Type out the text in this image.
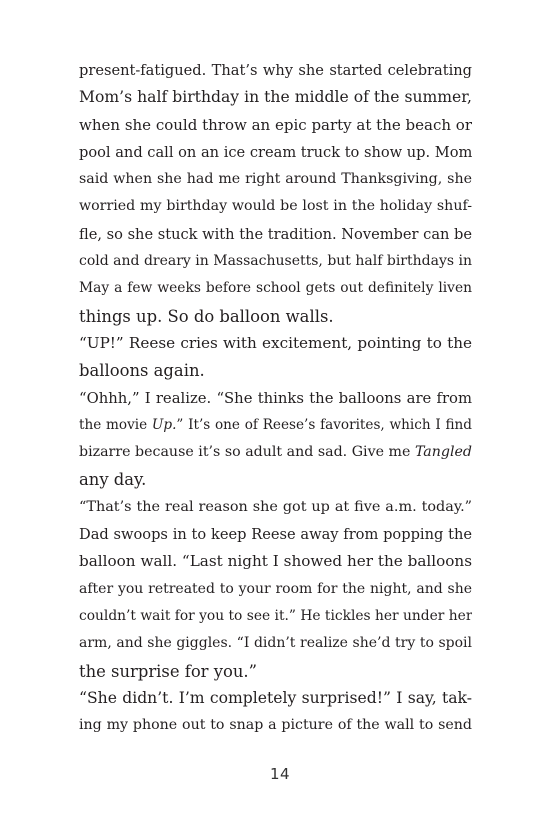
present-fatigued. That’s why she started celebrating
Mom’s half birthday in the middle of the summer,
when she could throw an epic party at the beach or
pool and call on an ice cream truck to show up. Mom
said when she had me right around Thanksgiving, she
worried my birthday would be lost in the holiday shuf-
fle, so she stuck with the tradition. November can be
cold and dreary in Massachusetts, but half birthdays in
May a few weeks before school gets out definitely liven
things up. So do balloon walls.
“UP!” Reese cries with excitement, pointing to the
balloons again.
“Ohhh,” I realize. “She thinks the balloons are from
the movie Up.” It’s one of Reese’s favorites, which I find
bizarre because it’s so adult and sad. Give me Tangled
any day.
“That’s the real reason she got up at five a.m. today.”
Dad swoops in to keep Reese away from popping the
balloon wall. “Last night I showed her the balloons
after you retreated to your room for the night, and she
couldn’t wait for you to see it.” He tickles her under her
arm, and she giggles. “I didn’t realize she’d try to spoil
the surprise for you.”
“She didn’t. I’m completely surprised!” I say, tak-
ing my phone out to snap a picture of the wall to send
14
